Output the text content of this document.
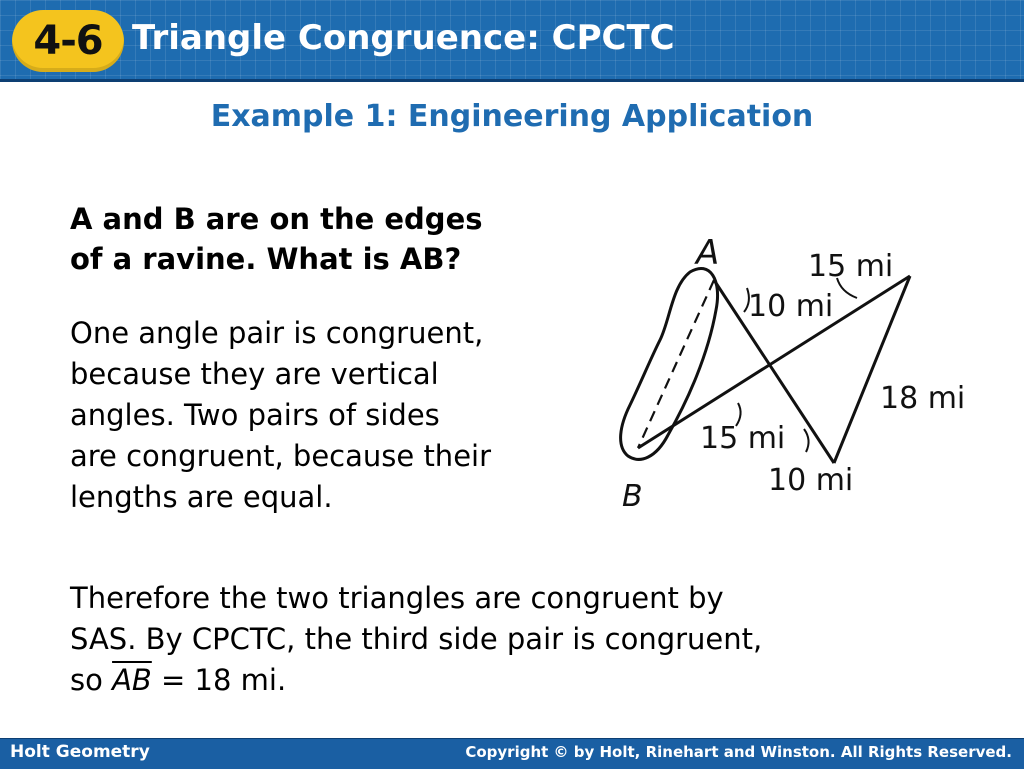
4-6 Triangle Congruence: CPCTC
Example 1: Engineering Application
A and B are on the edges
of a ravine. What is AB?
One angle pair is congruent,
because they are vertical
angles. Two pairs of sides
are congruent, because their
lengths are equal.
A
B
15 mi
10 mi
18 mi
15 mi
10 mi
Therefore the two triangles are congruent by
SAS. By CPCTC, the third side pair is congruent,
so $\overline{AB} = 18$ mi.
Holt Geometry	Copyright © by Holt, Rinehart and Winston. All Rights Reserved.
